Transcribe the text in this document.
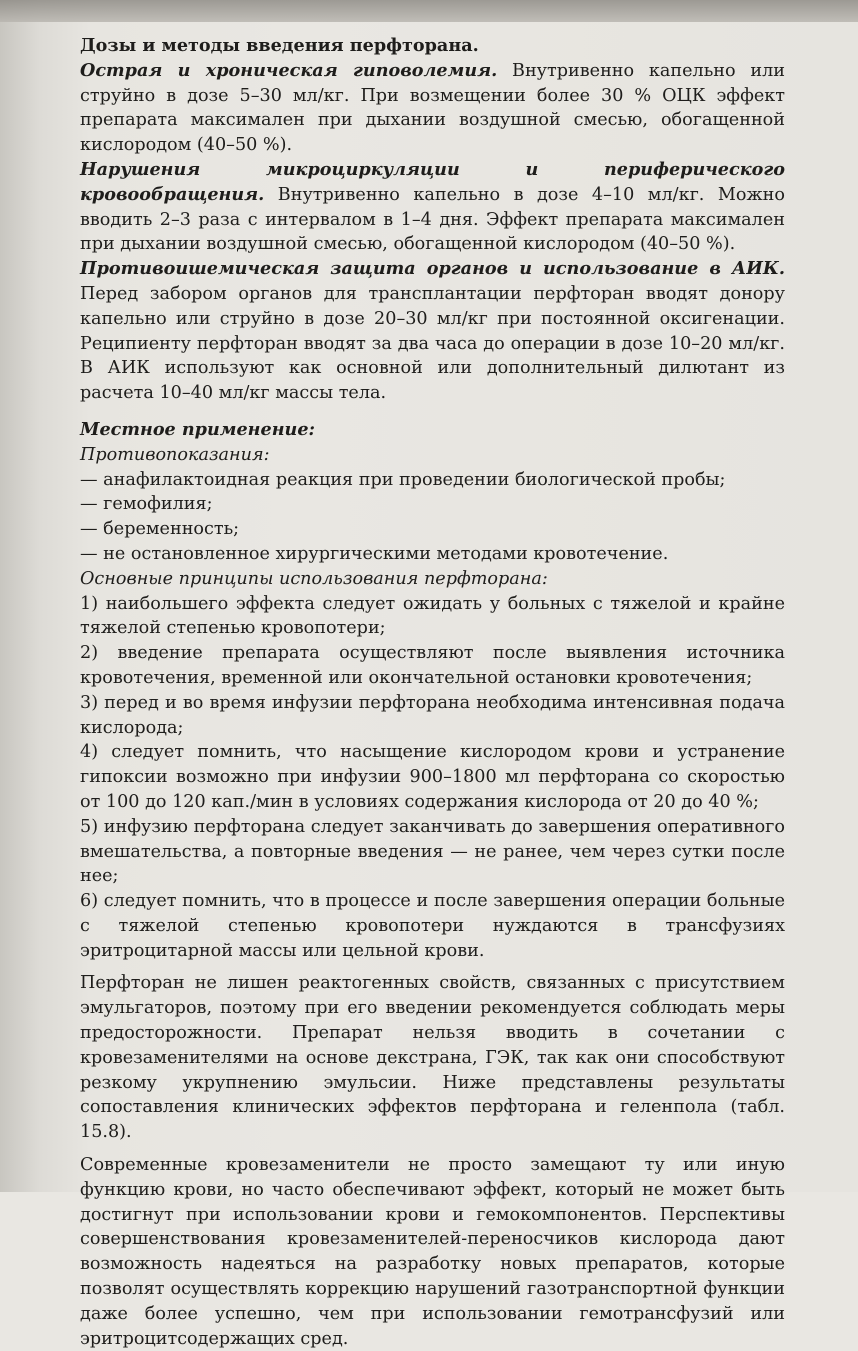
Дозы и методы введения перфторана.

Острая и хроническая гиповолемия. Внутривенно капельно или струйно в дозе 5–30 мл/кг. При возмещении более 30 % ОЦК эффект препарата максимален при дыхании воздушной смесью, обогащенной кислородом (40–50 %).

Нарушения микроциркуляции и периферического кровообращения. Внутривенно капельно в дозе 4–10 мл/кг. Можно вводить 2–3 раза с интервалом в 1–4 дня. Эффект препарата максимален при дыхании воздушной смесью, обогащенной кислородом (40–50 %).

Противоишемическая защита органов и использование в АИК. Перед забором органов для трансплантации перфторан вводят донору капельно или струйно в дозе 20–30 мл/кг при постоянной оксигенации. Реципиенту перфторан вводят за два часа до операции в дозе 10–20 мл/кг. В АИК используют как основной или дополнительный дилютант из расчета 10–40 мл/кг массы тела.

Местное применение:

Противопоказания:

— анафилактоидная реакция при проведении биологической пробы;

— гемофилия;

— беременность;

— не остановленное хирургическими методами кровотечение.

Основные принципы использования перфторана:

1) наибольшего эффекта следует ожидать у больных с тяжелой и крайне тяжелой степенью кровопотери;

2) введение препарата осуществляют после выявления источника кровотечения, временной или окончательной остановки кровотечения;

3) перед и во время инфузии перфторана необходима интенсивная подача кислорода;

4) следует помнить, что насыщение кислородом крови и устранение гипоксии возможно при инфузии 900–1800 мл перфторана со скоростью от 100 до 120 кап./мин в условиях содержания кислорода от 20 до 40 %;

5) инфузию перфторана следует заканчивать до завершения оперативного вмешательства, а повторные введения — не ранее, чем через сутки после нее;

6) следует помнить, что в процессе и после завершения операции больные с тяжелой степенью кровопотери нуждаются в трансфузиях эритроцитарной массы или цельной крови.

Перфторан не лишен реактогенных свойств, связанных с присутствием эмульгаторов, поэтому при его введении рекомендуется соблюдать меры предосторожности. Препарат нельзя вводить в сочетании с кровезаменителями на основе декстрана, ГЭК, так как они способствуют резкому укрупнению эмульсии. Ниже представлены результаты сопоставления клинических эффектов перфторана и геленпола (табл. 15.8).

Современные кровезаменители не просто замещают ту или иную функцию крови, но часто обеспечивают эффект, который не может быть достигнут при использовании крови и гемокомпонентов. Перспективы совершенствования кровезаменителей-переносчиков кислорода дают возможность надеяться на разработку новых препаратов, которые позволят осуществлять коррекцию нарушений газотранспортной функции даже более успешно, чем при использовании гемотрансфузий или эритроцитсодержащих сред.
